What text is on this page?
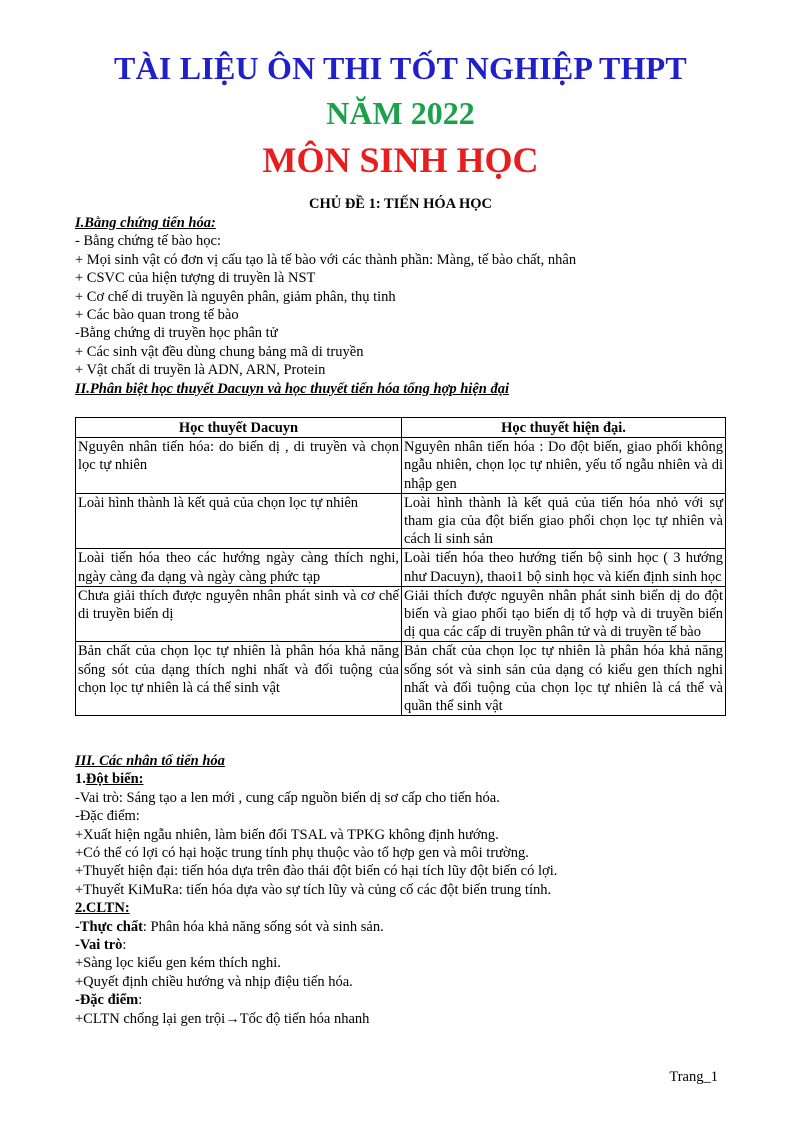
TÀI LIỆU ÔN THI TỐT NGHIỆP THPT
NĂM 2022
MÔN SINH HỌC
CHỦ ĐỀ 1: TIẾN HÓA HỌC
I.Bằng chứng tiến hóa:
- Bằng chứng tế bào học:
+ Mọi sinh vật có đơn vị cấu tạo là tế bào với các thành phần: Màng, tế bào chất, nhân
+ CSVC của hiện tượng di truyền là NST
+ Cơ chế di truyền là nguyên phân, giảm phân, thụ tinh
+ Các bào quan trong tế bào
-Bằng chứng di truyền học phân tử
+ Các sinh vật đều dùng chung bảng mã di truyền
+ Vật chất di truyền là ADN, ARN, Protein
II.Phân biệt học thuyết Dacuyn và học thuyết tiến hóa tổng hợp hiện đại
Học thuyết Dacuyn	Học thuyết hiện đại.
Nguyên nhân tiến hóa: do biến dị , di truyền và chọn lọc tự nhiên	Nguyên nhân tiến hóa : Do đột biến, giao phối không ngẫu nhiên, chọn lọc tự nhiên, yếu tố ngẫu nhiên và di nhập gen
Loài hình thành là kết quả của chọn lọc tự nhiên	Loài hình thành là kết quả của tiến hóa nhỏ với sự tham gia của đột biến giao phối chọn lọc tự nhiên và cách li sinh sản
Loài tiến hóa theo các hướng ngày càng thích nghi, ngày càng đa dạng và ngày càng phức tạp	Loài tiến hóa theo hướng tiến bộ sinh học ( 3 hướng như Dacuyn), thaoi1 bộ sinh học và kiến định sinh học
Chưa giải thích được nguyên nhân phát sinh và cơ chế di truyền biến dị	Giải thích được nguyên nhân phát sinh biến dị do đột biến và giao phối tạo biến dị tổ hợp và di truyền biến dị qua các cấp di truyền phân tử và di truyền tế bào
Bản chất của chọn lọc tự nhiên là phân hóa khả năng sống sót của dạng thích nghi nhất và đối tuộng của chọn lọc tự nhiên là cá thể sinh vật	Bản chất của chọn lọc tự nhiên là phân hóa khả năng sống sót và sinh sản của dạng có kiểu gen thích nghi nhất và đối tuộng của chọn lọc tự nhiên là cá thể và quần thể sinh vật
III. Các nhân tố tiến hóa
1.Đột biến:
-Vai trò: Sáng tạo a len mới , cung cấp nguồn biến dị sơ cấp cho tiến hóa.
-Đặc điểm:
+Xuất hiện ngẫu nhiên, làm biến đổi TSAL và TPKG không định hướng.
+Có thể có lợi có hại hoặc trung tính phụ thuộc vào tổ hợp gen và môi trường.
+Thuyết hiện đại: tiến hóa dựa trên đào thải đột biến có hại tích lũy đột biến có lợi.
+Thuyết KiMuRa: tiến hóa dựa vào sự tích lũy và củng cố các đột biến trung tính.
2.CLTN:
-Thực chất: Phân hóa khả năng sống sót và sinh sản.
-Vai trò:
+Sàng lọc kiểu gen kém thích nghi.
+Quyết định chiều hướng và nhịp điệu tiến hóa.
-Đặc điểm:
+CLTN chống lại gen trội→Tốc độ tiến hóa nhanh
Trang_1
